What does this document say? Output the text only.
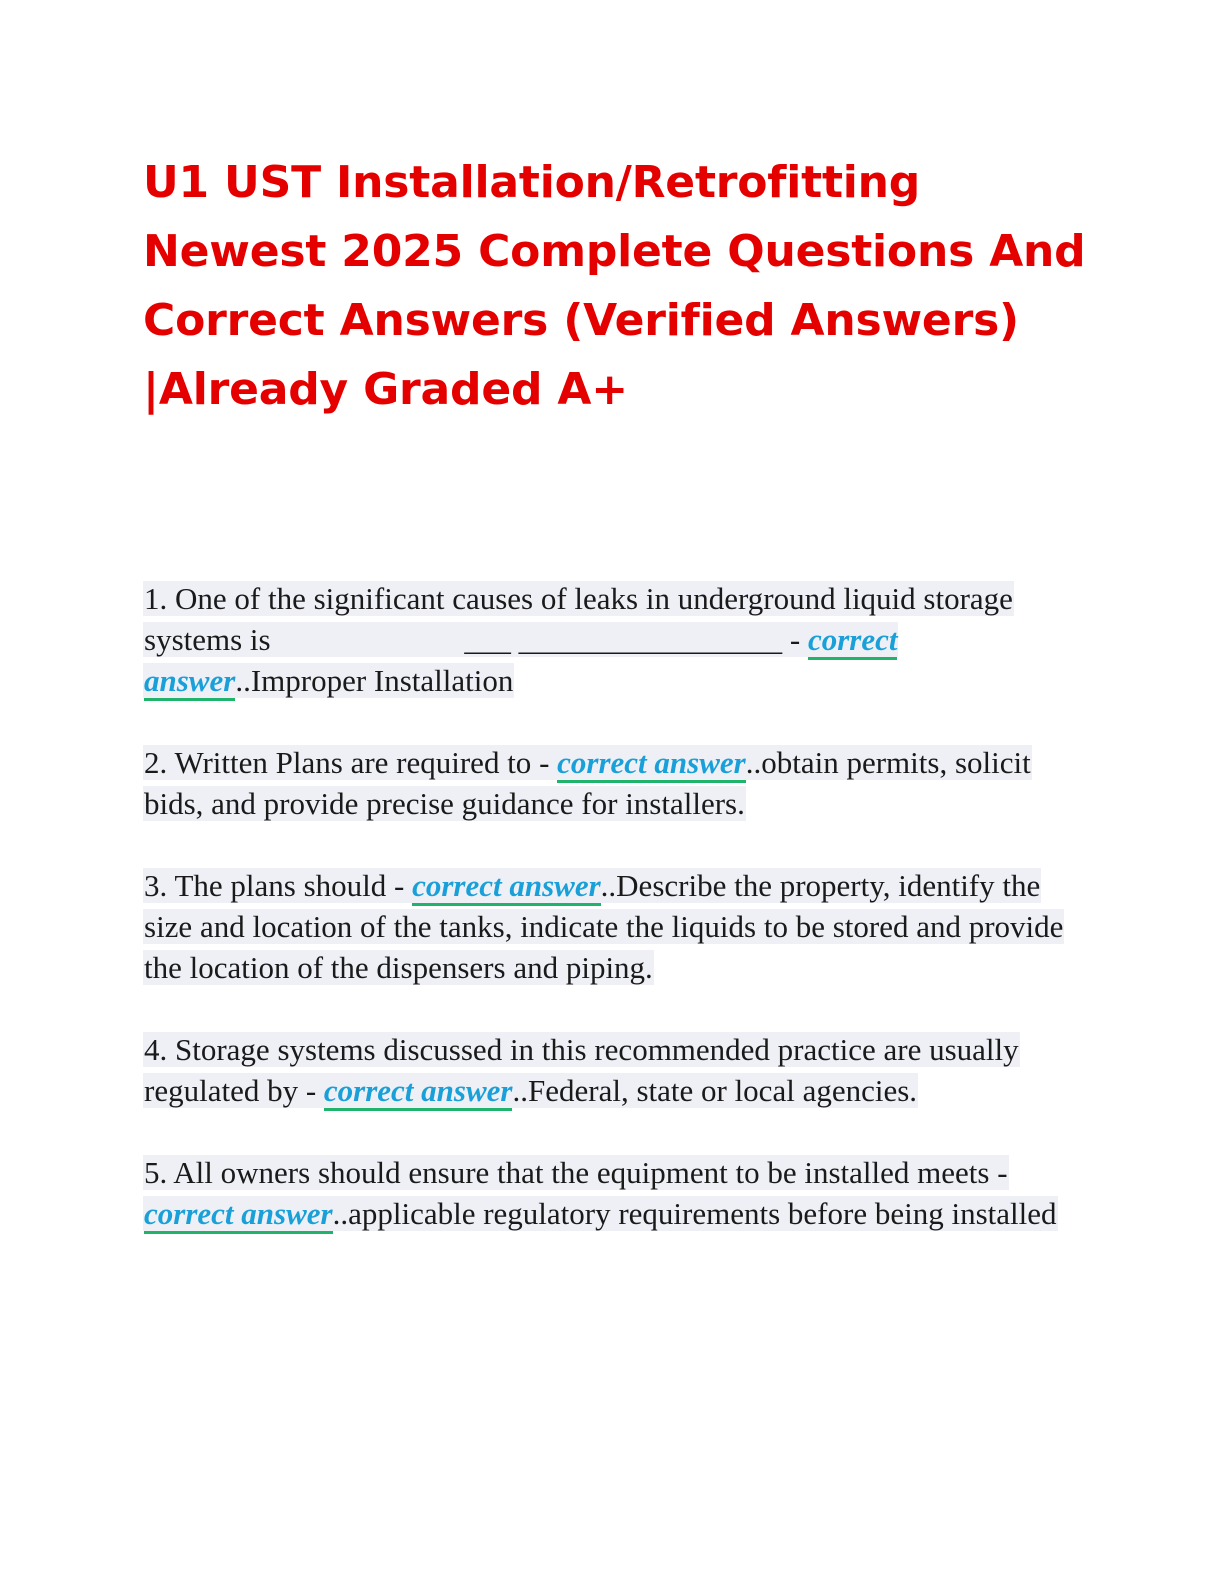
U1 UST Installation/Retrofitting Newest 2025 Complete Questions And Correct Answers (Verified Answers) |Already Graded A+
1. One of the significant causes of leaks in underground liquid storage systems is	___ _________________ - correct
answer..Improper Installation
2. Written Plans are required to - correct answer..obtain permits, solicit bids, and provide precise guidance for installers.
3. The plans should - correct answer..Describe the property, identify the size and location of the tanks, indicate the liquids to be stored and provide the location of the dispensers and piping.
4. Storage systems discussed in this recommended practice are usually regulated by - correct answer..Federal, state or local agencies.
5. All owners should ensure that the equipment to be installed meets - correct answer..applicable regulatory requirements before being installed
